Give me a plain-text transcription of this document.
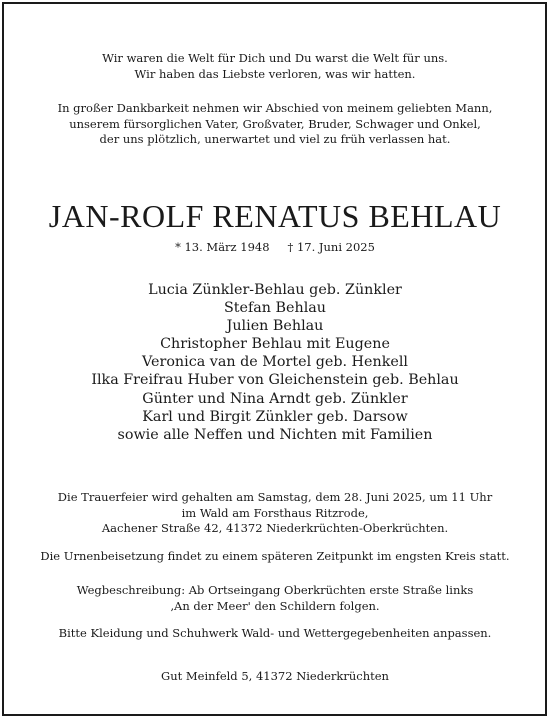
Wir waren die Welt für Dich und Du warst die Welt für uns.
Wir haben das Liebste verloren, was wir hatten.
In großer Dankbarkeit nehmen wir Abschied von meinem geliebten Mann,
unserem fürsorglichen Vater, Großvater, Bruder, Schwager und Onkel,
der uns plötzlich, unerwartet und viel zu früh verlassen hat.
JAN-ROLF RENATUS BEHLAU
* 13. März 1948 † 17. Juni 2025
Lucia Zünkler-Behlau geb. Zünkler
Stefan Behlau
Julien Behlau
Christopher Behlau mit Eugene
Veronica van de Mortel geb. Henkell
Ilka Freifrau Huber von Gleichenstein geb. Behlau
Günter und Nina Arndt geb. Zünkler
Karl und Birgit Zünkler geb. Darsow
sowie alle Neffen und Nichten mit Familien
Die Trauerfeier wird gehalten am Samstag, dem 28. Juni 2025, um 11 Uhr
im Wald am Forsthaus Ritzrode,
Aachener Straße 42, 41372 Niederkrüchten-Oberkrüchten.
Die Urnenbeisetzung findet zu einem späteren Zeitpunkt im engsten Kreis statt.
Wegbeschreibung: Ab Ortseingang Oberkrüchten erste Straße links
‚An der Meer' den Schildern folgen.
Bitte Kleidung und Schuhwerk Wald- und Wettergegebenheiten anpassen.
Gut Meinfeld 5, 41372 Niederkrüchten
